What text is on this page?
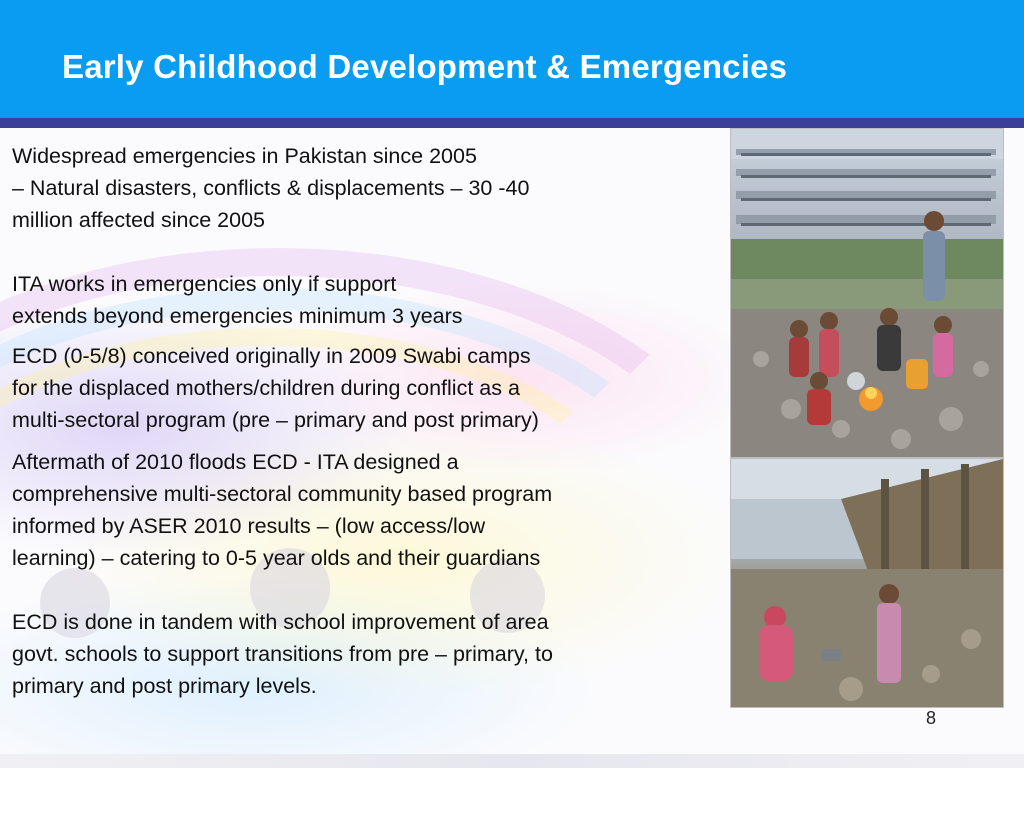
Early Childhood Development & Emergencies

Widespread emergencies in Pakistan since 2005
– Natural disasters, conflicts & displacements – 30 -40
million affected since 2005

ITA works in emergencies only if support
extends beyond emergencies minimum 3 years

ECD (0-5/8) conceived originally in 2009 Swabi camps
for the displaced mothers/children during conflict as a
multi-sectoral program (pre – primary and post primary)

Aftermath of 2010 floods ECD - ITA designed a
comprehensive multi-sectoral community based program
informed by ASER 2010 results – (low access/low
learning) – catering to 0-5 year olds and their guardians

ECD is done in tandem with school improvement of area
govt. schools to support transitions from pre – primary, to
primary and post primary levels.

8
